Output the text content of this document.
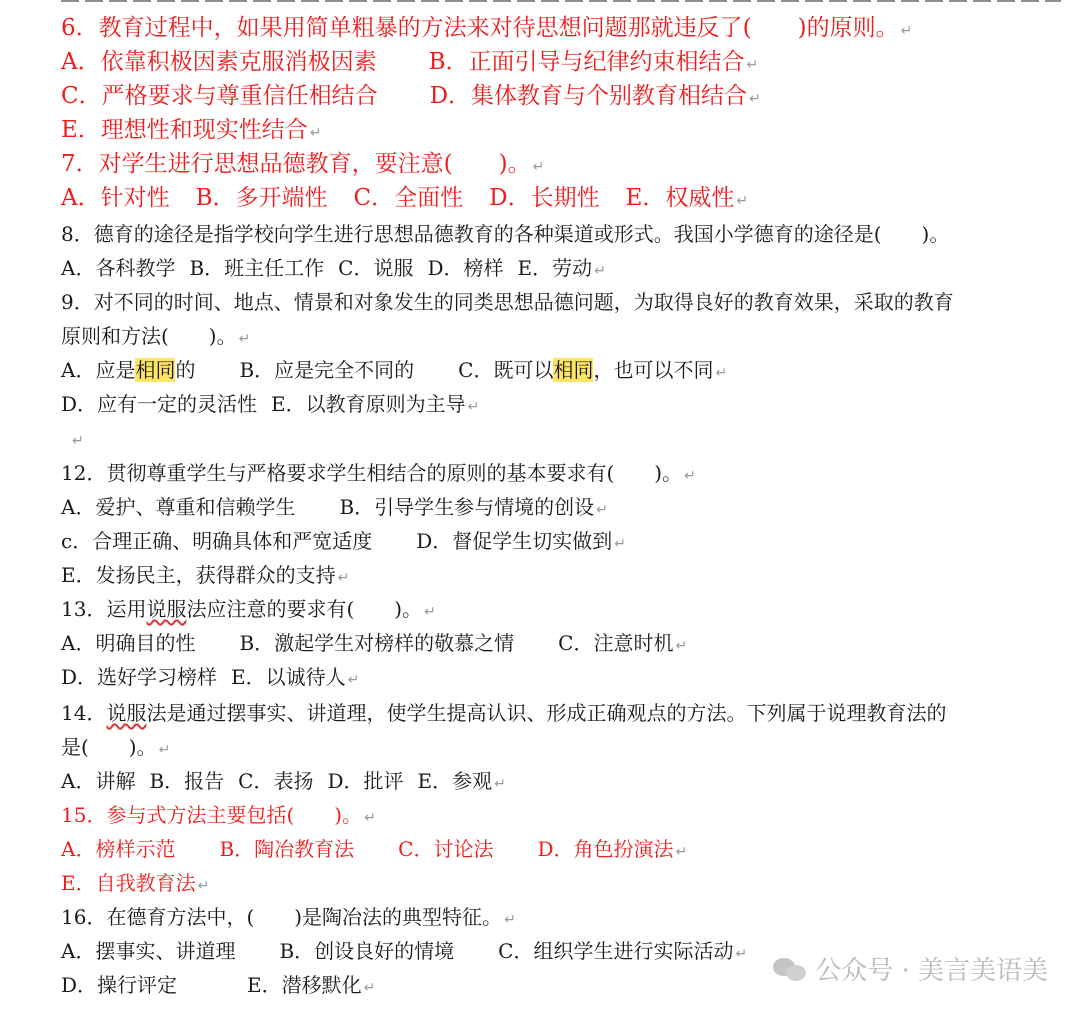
6．教育过程中，如果用简单粗暴的方法来对待思想问题那就违反了(　　)的原则。 ↵
A．依靠积极因素克服消极因素 B．正面引导与纪律约束相结合 ↵
C．严格要求与尊重信任相结合 D．集体教育与个别教育相结合 ↵
E．理想性和现实性结合 ↵
7．对学生进行思想品德教育，要注意(　　)。 ↵
A．针对性 B．多开端性 C．全面性 D．长期性 E．权威性 ↵
8．德育的途径是指学校向学生进行思想品德教育的各种渠道或形式。我国小学德育的途径是(　　)。
A．各科教学 B．班主任工作 C．说服 D．榜样 E．劳动 ↵
9．对不同的时间、地点、情景和对象发生的同类思想品德问题，为取得良好的教育效果，采取的教育
原则和方法(　　)。 ↵
A．应是相同的 B．应是完全不同的 C．既可以相同，也可以不同 ↵
D．应有一定的灵活性 E．以教育原则为主导 ↵
↵
12．贯彻尊重学生与严格要求学生相结合的原则的基本要求有(　　)。 ↵
A．爱护、尊重和信赖学生 B．引导学生参与情境的创设 ↵
c．合理正确、明确具体和严宽适度 D．督促学生切实做到 ↵
E．发扬民主，获得群众的支持 ↵
13．运用说服法应注意的要求有(　　)。 ↵
A．明确目的性 B．激起学生对榜样的敬慕之情 C．注意时机 ↵
D．选好学习榜样 E．以诚待人 ↵
14．说服法是通过摆事实、讲道理，使学生提高认识、形成正确观点的方法。下列属于说理教育法的
是(　　)。 ↵
A．讲解 B．报告 C．表扬 D．批评 E．参观 ↵
15．参与式方法主要包括(　　)。 ↵
A．榜样示范 B．陶冶教育法 C．讨论法 D．角色扮演法 ↵
E．自我教育法 ↵
16．在德育方法中，(　　)是陶冶法的典型特征。 ↵
A．摆事实、讲道理 B．创设良好的情境 C．组织学生进行实际活动 ↵
D．操行评定	E．潜移默化 ↵
公众号 · 美言美语美
